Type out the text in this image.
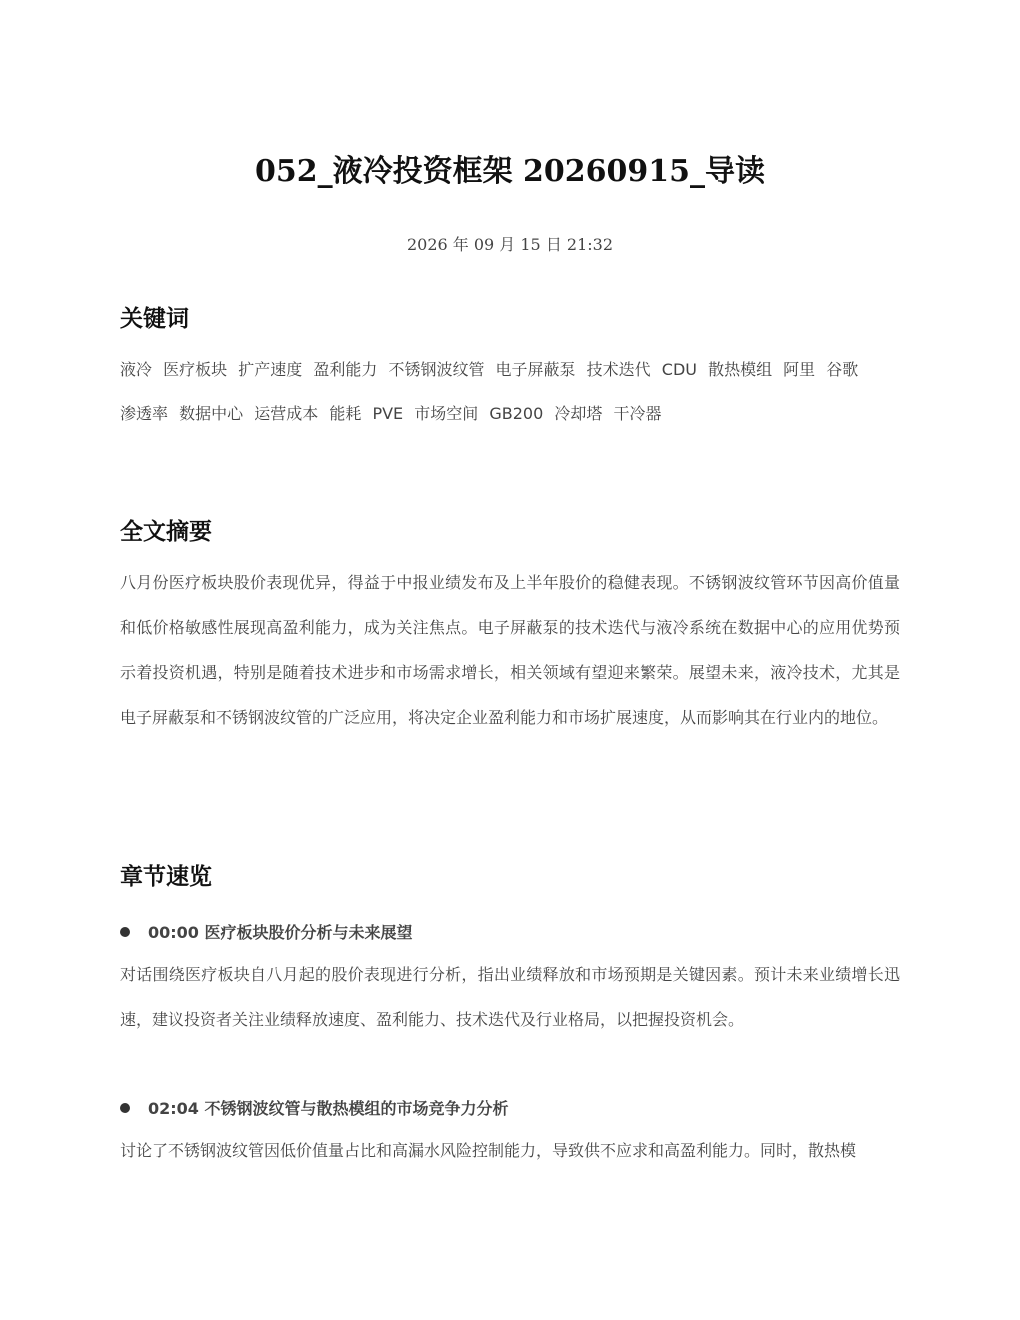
052_液冷投资框架 20260915_导读
2026 年 09 月 15 日 21:32
关键词
液冷 医疗板块 扩产速度 盈利能力 不锈钢波纹管 电子屏蔽泵 技术迭代 CDU 散热模组 阿里 谷歌 渗透率 数据中心 运营成本 能耗 PVE 市场空间 GB200 冷却塔 干冷器
全文摘要

八月份医疗板块股价表现优异，得益于中报业绩发布及上半年股价的稳健表现。不锈钢波纹管环节因高价值量和低价格敏感性展现高盈利能力，成为关注焦点。电子屏蔽泵的技术迭代与液冷系统在数据中心的应用优势预示着投资机遇，特别是随着技术进步和市场需求增长，相关领域有望迎来繁荣。展望未来，液冷技术，尤其是电子屏蔽泵和不锈钢波纹管的广泛应用，将决定企业盈利能力和市场扩展速度，从而影响其在行业内的地位。

章节速览
00:00 医疗板块股价分析与未来展望

对话围绕医疗板块自八月起的股价表现进行分析，指出业绩释放和市场预期是关键因素。预计未来业绩增长迅速，建议投资者关注业绩释放速度、盈利能力、技术迭代及行业格局，以把握投资机会。

02:04 不锈钢波纹管与散热模组的市场竞争力分析

讨论了不锈钢波纹管因低价值量占比和高漏水风险控制能力，导致供不应求和高盈利能力。同时，散热模
